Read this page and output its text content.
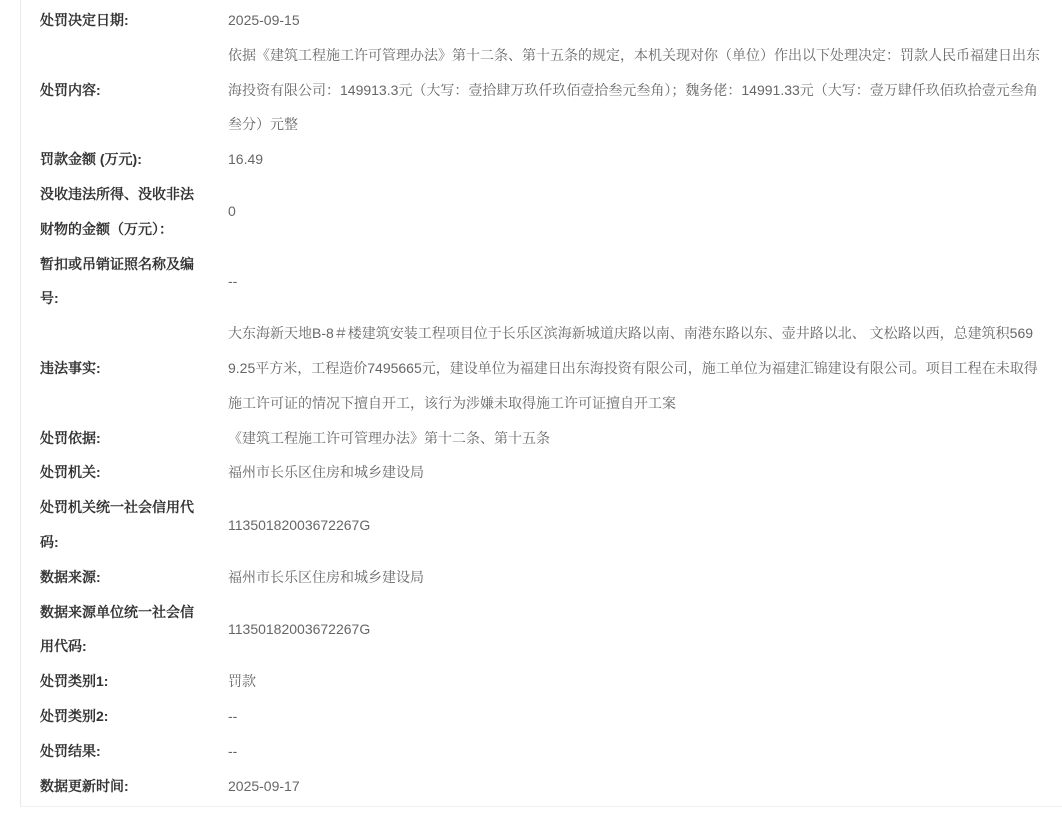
处罚决定日期:	2025-09-15
处罚内容:
依据《建筑工程施工许可管理办法》第十二条、第十五条的规定，本机关现对你（单位）作出以下处理决定：罚款人民币福建日出东海投资有限公司：149913.3元（大写：壹拾肆万玖仟玖佰壹拾叁元叁角）；魏务佬：14991.33元（大写：壹万肆仟玖佰玖拾壹元叁角叁分）元整
罚款金额 (万元):	16.49
没收违法所得、没收非法财物的金额（万元）：
0
暂扣或吊销证照名称及编号:
--
违法事实:
大东海新天地B-8＃楼建筑安装工程项目位于长乐区滨海新城道庆路以南、南港东路以东、壶井路以北、 文松路以西，总建筑积5699.25平方米，工程造价7495665元，建设单位为福建日出东海投资有限公司，施工单位为福建汇锦建设有限公司。项目工程在未取得施工许可证的情况下擅自开工，该行为涉嫌未取得施工许可证擅自开工案
处罚依据:	《建筑工程施工许可管理办法》第十二条、第十五条
处罚机关:	福州市长乐区住房和城乡建设局
处罚机关统一社会信用代码:
11350182003672267G
数据来源:	福州市长乐区住房和城乡建设局
数据来源单位统一社会信用代码:
11350182003672267G
处罚类别1:	罚款
处罚类别2:	--
处罚结果:	--
数据更新时间:	2025-09-17
